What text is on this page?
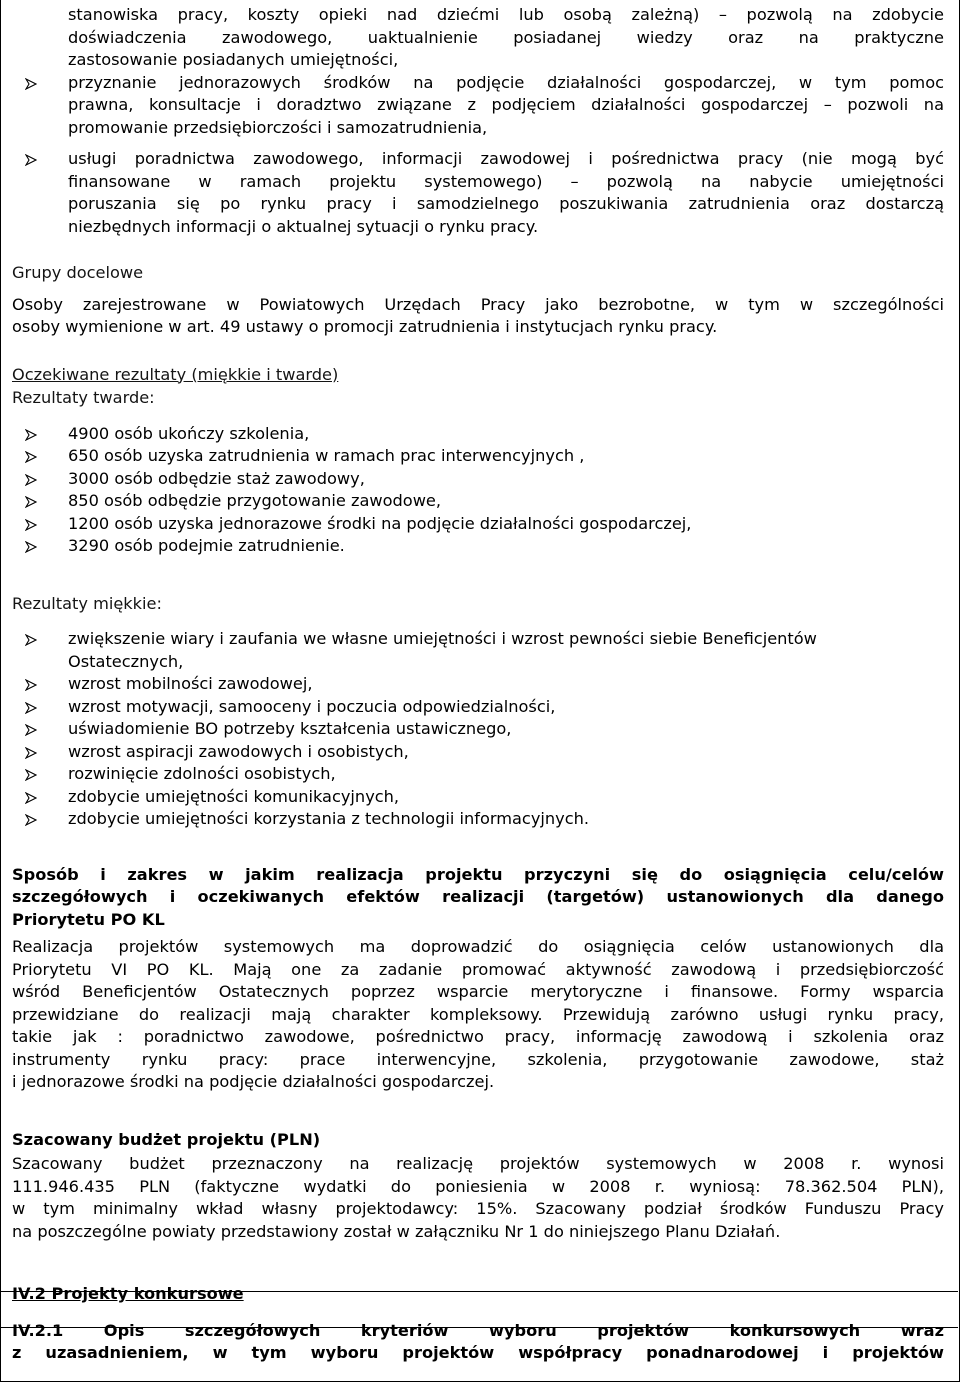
stanowiska pracy, koszty opieki nad dziećmi lub osobą zależną) – pozwolą na zdobycie
doświadczenia zawodowego, uaktualnienie posiadanej wiedzy oraz na praktyczne
zastosowanie posiadanych umiejętności,
przyznanie jednorazowych środków na podjęcie działalności gospodarczej, w tym pomoc
prawna, konsultacje i doradztwo związane z podjęciem działalności gospodarczej – pozwoli na
promowanie przedsiębiorczości i samozatrudnienia,
usługi poradnictwa zawodowego, informacji zawodowej i pośrednictwa pracy (nie mogą być
finansowane w ramach projektu systemowego) – pozwolą na nabycie umiejętności
poruszania się po rynku pracy i samodzielnego poszukiwania zatrudnienia oraz dostarczą
niezbędnych informacji o aktualnej sytuacji o rynku pracy.
Grupy docelowe
Osoby zarejestrowane w Powiatowych Urzędach Pracy jako bezrobotne, w tym w szczególności
osoby wymienione w art. 49 ustawy o promocji zatrudnienia i instytucjach rynku pracy.
Oczekiwane rezultaty (miękkie i twarde)
Rezultaty twarde:
4900 osób ukończy szkolenia,
650 osób uzyska zatrudnienia w ramach prac interwencyjnych ,
3000 osób odbędzie staż zawodowy,
850 osób odbędzie przygotowanie zawodowe,
1200 osób uzyska jednorazowe środki na podjęcie działalności gospodarczej,
3290 osób podejmie zatrudnienie.
Rezultaty miękkie:
zwiększenie wiary i zaufania we własne umiejętności i wzrost pewności siebie Beneficjentów
Ostatecznych,
wzrost mobilności zawodowej,
wzrost motywacji, samooceny i poczucia odpowiedzialności,
uświadomienie BO potrzeby kształcenia ustawicznego,
wzrost aspiracji zawodowych i osobistych,
rozwinięcie zdolności osobistych,
zdobycie umiejętności komunikacyjnych,
zdobycie umiejętności korzystania z technologii informacyjnych.
Sposób i zakres w jakim realizacja projektu przyczyni się do osiągnięcia celu/celów
szczegółowych i oczekiwanych efektów realizacji (targetów) ustanowionych dla danego
Priorytetu PO KL
Realizacja projektów systemowych ma doprowadzić do osiągnięcia celów ustanowionych dla
Priorytetu VI PO KL. Mają one za zadanie promować aktywność zawodową i przedsiębiorczość
wśród Beneficjentów Ostatecznych poprzez wsparcie merytoryczne i finansowe. Formy wsparcia
przewidziane do realizacji mają charakter kompleksowy. Przewidują zarówno usługi rynku pracy,
takie jak : poradnictwo zawodowe, pośrednictwo pracy, informację zawodową i szkolenia oraz
instrumenty rynku pracy: prace interwencyjne, szkolenia, przygotowanie zawodowe, staż
i jednorazowe środki na podjęcie działalności gospodarczej.
Szacowany budżet projektu (PLN)
Szacowany budżet przeznaczony na realizację projektów systemowych w 2008 r. wynosi
111.946.435 PLN (faktyczne wydatki do poniesienia w 2008 r. wyniosą: 78.362.504 PLN),
w tym minimalny wkład własny projektodawcy: 15%. Szacowany podział środków Funduszu Pracy
na poszczególne powiaty przedstawiony został w załączniku Nr 1 do niniejszego Planu Działań.
IV.2 Projekty konkursowe
IV.2.1 Opis szczegółowych kryteriów wyboru projektów konkursowych wraz
z uzasadnieniem, w tym wyboru projektów współpracy ponadnarodowej i projektów
